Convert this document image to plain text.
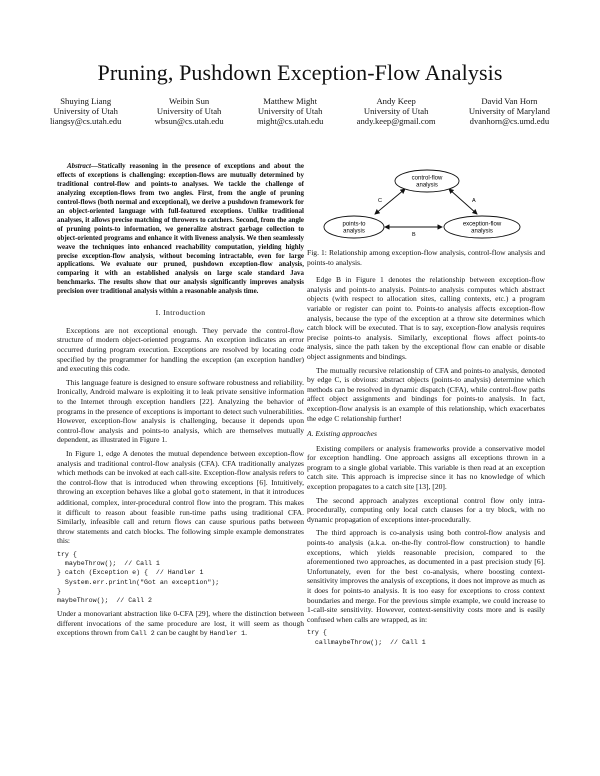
Pruning, Pushdown Exception-Flow Analysis
Shuying Liang
University of Utah
liangsy@cs.utah.edu
Weibin Sun
University of Utah
wbsun@cs.utah.edu
Matthew Might
University of Utah
might@cs.utah.edu
Andy Keep
University of Utah
andy.keep@gmail.com
David Van Horn
University of Maryland
dvanhorn@cs.umd.edu

Abstract—Statically reasoning in the presence of exceptions and about the effects of exceptions is challenging: exception-flows are mutually determined by traditional control-flow and points-to analyses. We tackle the challenge of analyzing exception-flows from two angles. First, from the angle of pruning control-flows (both normal and exceptional), we derive a pushdown framework for an object-oriented language with full-featured exceptions. Unlike traditional analyses, it allows precise matching of throwers to catchers. Second, from the angle of pruning points-to information, we generalize abstract garbage collection to object-oriented programs and enhance it with liveness analysis. We then seamlessly weave the techniques into enhanced reachability computation, yielding highly precise exception-flow analysis, without becoming intractable, even for large applications. We evaluate our pruned, pushdown exception-flow analysis, comparing it with an established analysis on large scale standard Java benchmarks. The results show that our analysis significantly improves analysis precision over traditional analysis within a reasonable analysis time.

I. Introduction

Exceptions are not exceptional enough. They pervade the control-flow structure of modern object-oriented programs. An exception indicates an error occurred during program execution. Exceptions are resolved by locating code specified by the programmer for handling the exception (an exception handler) and executing this code.

This language feature is designed to ensure software robustness and reliability. Ironically, Android malware is exploiting it to leak private sensitive information to the Internet through exception handlers [22]. Analyzing the behavior of programs in the presence of exceptions is important to detect such vulnerabilities. However, exception-flow analysis is challenging, because it depends upon control-flow analysis and points-to analysis, which are themselves mutually dependent, as illustrated in Figure 1.

In Figure 1, edge A denotes the mutual dependence between exception-flow analysis and traditional control-flow analysis (CFA). CFA traditionally analyzes which methods can be invoked at each call-site. Exception-flow analysis refers to the control-flow that is introduced when throwing exceptions [6]. Intuitively, throwing an exception behaves like a global goto statement, in that it introduces additional, complex, inter-procedural control flow into the program. This makes it difficult to reason about feasible run-time paths using traditional CFA. Similarly, infeasible call and return flows can cause spurious paths between throw statements and catch blocks. The following simple example demonstrates this:

try {
maybeThrow();  // Call 1
} catch (Exception e) {  // Handler 1
System.err.println("Got an exception");
}
maybeThrow();  // Call 2

Under a monovariant abstraction like 0-CFA [29], where the distinction between different invocations of the same procedure are lost, it will seem as though exceptions thrown from Call 2 can be caught by Handler 1.

control-flow
analysis
points-to
analysis
exception-flow
analysis
A
B
C

Fig. 1: Relationship among exception-flow analysis, control-flow analysis and points-to analysis.

Edge B in Figure 1 denotes the relationship between exception-flow analysis and points-to analysis. Points-to analysis computes which abstract objects (with respect to allocation sites, calling contexts, etc.) a program variable or register can point to. Points-to analysis affects exception-flow analysis, because the type of the exception at a throw site determines which catch block will be executed. That is to say, exception-flow analysis requires precise points-to analysis. Similarly, exceptional flows affect points-to analysis, since the path taken by the exceptional flow can enable or disable object assignments and bindings.

The mutually recursive relationship of CFA and points-to analysis, denoted by edge C, is obvious: abstract objects (points-to analysis) determine which methods can be resolved in dynamic dispatch (CFA), while control-flow paths affect object assignments and bindings for points-to analysis. In fact, exception-flow analysis is an example of this relationship, which exacerbates the edge C relationship further!

A. Existing approaches

Existing compilers or analysis frameworks provide a conservative model for exception handling. One approach assigns all exceptions thrown in a program to a single global variable. This variable is then read at an exception catch site. This approach is imprecise since it has no knowledge of which exception propagates to a catch site [13], [20].

The second approach analyzes exceptional control flow only intra-procedurally, computing only local catch clauses for a try block, with no dynamic propagation of exceptions inter-procedurally.

The third approach is co-analysis using both control-flow analysis and points-to analysis (a.k.a. on-the-fly control-flow construction) to handle exceptions, which yields reasonable precision, compared to the aforementioned two approaches, as documented in a past precision study [6]. Unfortunately, even for the best co-analysis, where boosting context-sensitivity improves the analysis of exceptions, it does not improve as much as it does for points-to analysis. It is too easy for exceptions to cross context boundaries and merge. For the previous simple example, we could increase to 1-call-site sensitivity. However, context-sensitivity costs more and is easily confused when calls are wrapped, as in:

try {
callmaybeThrow();  // Call 1
